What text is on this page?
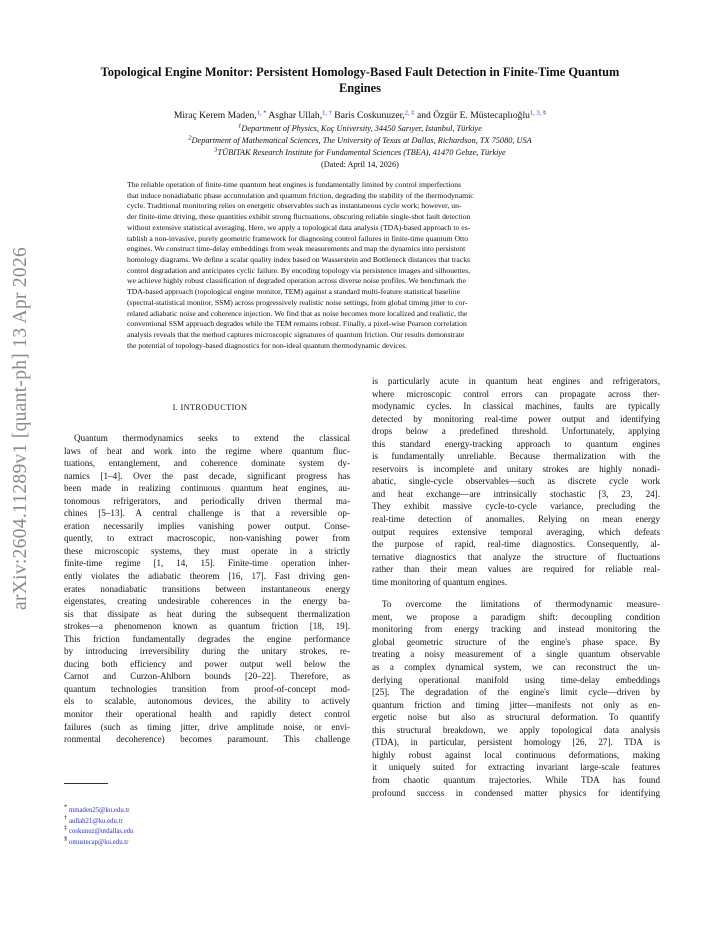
arXiv:2604.11289v1 [quant-ph] 13 Apr 2026
Topological Engine Monitor: Persistent Homology-Based Fault Detection in Finite-Time Quantum
Engines
Miraç Kerem Maden,$^{1, *}$ Asghar Ullah,$^{1, \dagger}$ Baris Coskunuzer,$^{2, \ddagger}$ and Özgür E. Müstecaplıoğlu$^{1, 3, \S}$
$^1$Department of Physics, Koç University, 34450 Sarıyer, Istanbul, Türkiye
$^2$Department of Mathematical Sciences, The University of Texas at Dallas, Richardson, TX 75080, USA
$^3$TÜBITAK Research Institute for Fundamental Sciences (TBEA), 41470 Gebze, Türkiye
(Dated: April 14, 2026)
The reliable operation of finite-time quantum heat engines is fundamentally limited by control imperfections
that induce nonadiabatic phase accumulation and quantum friction, degrading the stability of the thermodynamic
cycle. Traditional monitoring relies on energetic observables such as instantaneous cycle work; however, un-
der finite-time driving, these quantities exhibit strong fluctuations, obscuring reliable single-shot fault detection
without extensive statistical averaging. Here, we apply a topological data analysis (TDA)-based approach to es-
tablish a non-invasive, purely geometric framework for diagnosing control failures in finite-time quantum Otto
engines. We construct time-delay embeddings from weak measurements and map the dynamics into persistent
homology diagrams. We define a scalar quality index based on Wasserstein and Bottleneck distances that tracks
control degradation and anticipates cyclic failure. By encoding topology via persistence images and silhouettes,
we achieve highly robust classification of degraded operation across diverse noise profiles. We benchmark the
TDA-based approach (topological engine monitor, TEM) against a standard multi-feature statistical baseline
(spectral-statistical monitor, SSM) across progressively realistic noise settings, from global timing jitter to cor-
related adiabatic noise and coherence injection. We find that as noise becomes more localized and realistic, the
conventional SSM approach degrades while the TEM remains robust. Finally, a pixel-wise Pearson correlation
analysis reveals that the method captures microscopic signatures of quantum friction. Our results demonstrate
the potential of topology-based diagnostics for non-ideal quantum thermodynamic devices.
I. INTRODUCTION
Quantum thermodynamics seeks to extend the classical
laws of heat and work into the regime where quantum fluc-
tuations, entanglement, and coherence dominate system dy-
namics [1–4]. Over the past decade, significant progress has
been made in realizing continuous quantum heat engines, au-
tonomous refrigerators, and periodically driven thermal ma-
chines [5–13]. A central challenge is that a reversible op-
eration necessarily implies vanishing power output. Conse-
quently, to extract macroscopic, non-vanishing power from
these microscopic systems, they must operate in a strictly
finite-time regime [1, 14, 15]. Finite-time operation inher-
ently violates the adiabatic theorem [16, 17]. Fast driving gen-
erates nonadiabatic transitions between instantaneous energy
eigenstates, creating undesirable coherences in the energy ba-
sis that dissipate as heat during the subsequent thermalization
strokes—a phenomenon known as quantum friction [18, 19].
This friction fundamentally degrades the engine performance
by introducing irreversibility during the unitary strokes, re-
ducing both efficiency and power output well below the
Carnot and Curzon-Ahlborn bounds [20–22]. Therefore, as
quantum technologies transition from proof-of-concept mod-
els to scalable, autonomous devices, the ability to actively
monitor their operational health and rapidly detect control
failures (such as timing jitter, drive amplitude noise, or envi-
ronmental decoherence) becomes paramount. This challenge
is particularly acute in quantum heat engines and refrigerators,
where microscopic control errors can propagate across ther-
modynamic cycles. In classical machines, faults are typically
detected by monitoring real-time power output and identifying
drops below a predefined threshold. Unfortunately, applying
this standard energy-tracking approach to quantum engines
is fundamentally unreliable. Because thermalization with the
reservoirs is incomplete and unitary strokes are highly nonadi-
abatic, single-cycle observables—such as discrete cycle work
and heat exchange—are intrinsically stochastic [3, 23, 24].
They exhibit massive cycle-to-cycle variance, precluding the
real-time detection of anomalies. Relying on mean energy
output requires extensive temporal averaging, which defeats
the purpose of rapid, real-time diagnostics. Consequently, al-
ternative diagnostics that analyze the structure of fluctuations
rather than their mean values are required for reliable real-
time monitoring of quantum engines.
To overcome the limitations of thermodynamic measure-
ment, we propose a paradigm shift: decoupling condition
monitoring from energy tracking and instead monitoring the
global geometric structure of the engine's phase space. By
treating a noisy measurement of a single quantum observable
as a complex dynamical system, we can reconstruct the un-
derlying operational manifold using time-delay embeddings
[25]. The degradation of the engine's limit cycle—driven by
quantum friction and timing jitter—manifests not only as en-
ergetic noise but also as structural deformation. To quantify
this structural breakdown, we apply topological data analysis
(TDA), in particular, persistent homology [26, 27]. TDA is
highly robust against local continuous deformations, making
it uniquely suited for extracting invariant large-scale features
from chaotic quantum trajectories. While TDA has found
profound success in condensed matter physics for identifying
* mmaden25@ku.edu.tr
† aullah21@ku.edu.tr
‡ coskunuz@utdallas.edu
§ omustecap@ku.edu.tr
